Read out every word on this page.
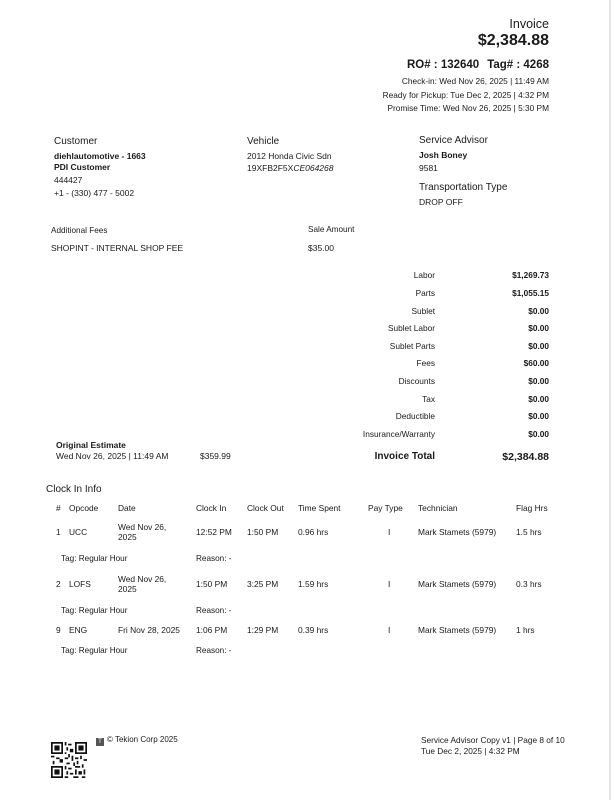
Invoice
$2,384.88
RO# : 132640 Tag# : 4268
Check-in: Wed Nov 26, 2025 | 11:49 AM
Ready for Pickup: Tue Dec 2, 2025 | 4:32 PM
Promise Time: Wed Nov 26, 2025 | 5:30 PM
Customer
diehlautomotive - 1663
PDI Customer
444427
+1 - (330) 477 - 5002
Vehicle
2012 Honda Civic Sdn
19XFB2F5XCE064268
Service Advisor
Josh Boney
9581
Transportation Type
DROP OFF
Additional Fees	Sale Amount
SHOPINT - INTERNAL SHOP FEE	$35.00
Labor	$1,269.73
Parts	$1,055.15
Sublet	$0.00
Sublet Labor	$0.00
Sublet Parts	$0.00
Fees	$60.00
Discounts	$0.00
Tax	$0.00
Deductible	$0.00
Insurance/Warranty	$0.00
Invoice Total	$2,384.88
Original Estimate
Wed Nov 26, 2025 | 11:49 AM	$359.99
Clock In Info
#	Opcode	Date	Clock In	Clock Out	Time Spent	Pay Type	Technician	Flag Hrs
1	UCC	Wed Nov 26,
2025	12:52 PM	1:50 PM	0.96 hrs	I	Mark Stamets (5979)	1.5 hrs
Tag: Regular Hour			Reason: -					
2	LOFS	Wed Nov 26,
2025	1:50 PM	3:25 PM	1.59 hrs	I	Mark Stamets (5979)	0.3 hrs
Tag: Regular Hour			Reason: -					
9	ENG	Fri Nov 28, 2025	1:06 PM	1:29 PM	0.39 hrs	I	Mark Stamets (5979)	1 hrs
Tag: Regular Hour			Reason: -					
T © Tekion Corp 2025	Service Advisor Copy v1 | Page 8 of 10
Tue Dec 2, 2025 | 4:32 PM
